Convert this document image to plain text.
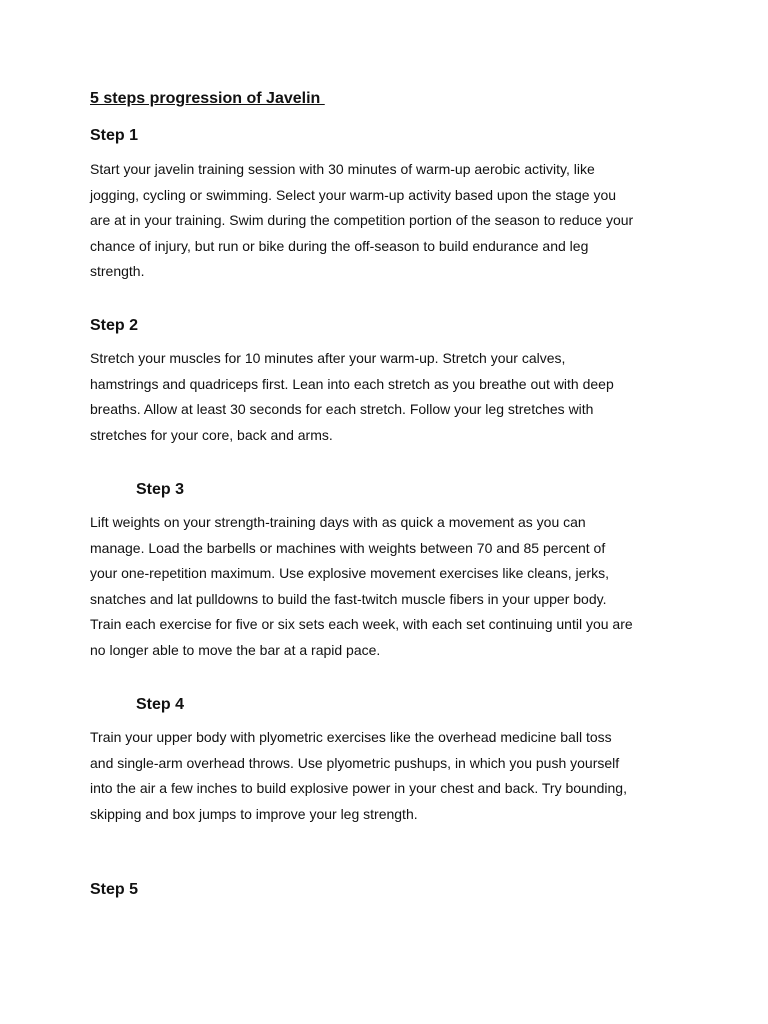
5 steps progression of Javelin
Step 1
Start your javelin training session with 30 minutes of warm-up aerobic activity, like
jogging, cycling or swimming. Select your warm-up activity based upon the stage you
are at in your training. Swim during the competition portion of the season to reduce your
chance of injury, but run or bike during the off-season to build endurance and leg
strength.
Step 2
Stretch your muscles for 10 minutes after your warm-up. Stretch your calves,
hamstrings and quadriceps first. Lean into each stretch as you breathe out with deep
breaths. Allow at least 30 seconds for each stretch. Follow your leg stretches with
stretches for your core, back and arms.
Step 3
Lift weights on your strength-training days with as quick a movement as you can
manage. Load the barbells or machines with weights between 70 and 85 percent of
your one-repetition maximum. Use explosive movement exercises like cleans, jerks,
snatches and lat pulldowns to build the fast-twitch muscle fibers in your upper body.
Train each exercise for five or six sets each week, with each set continuing until you are
no longer able to move the bar at a rapid pace.
Step 4
Train your upper body with plyometric exercises like the overhead medicine ball toss
and single-arm overhead throws. Use plyometric pushups, in which you push yourself
into the air a few inches to build explosive power in your chest and back. Try bounding,
skipping and box jumps to improve your leg strength.
Step 5
